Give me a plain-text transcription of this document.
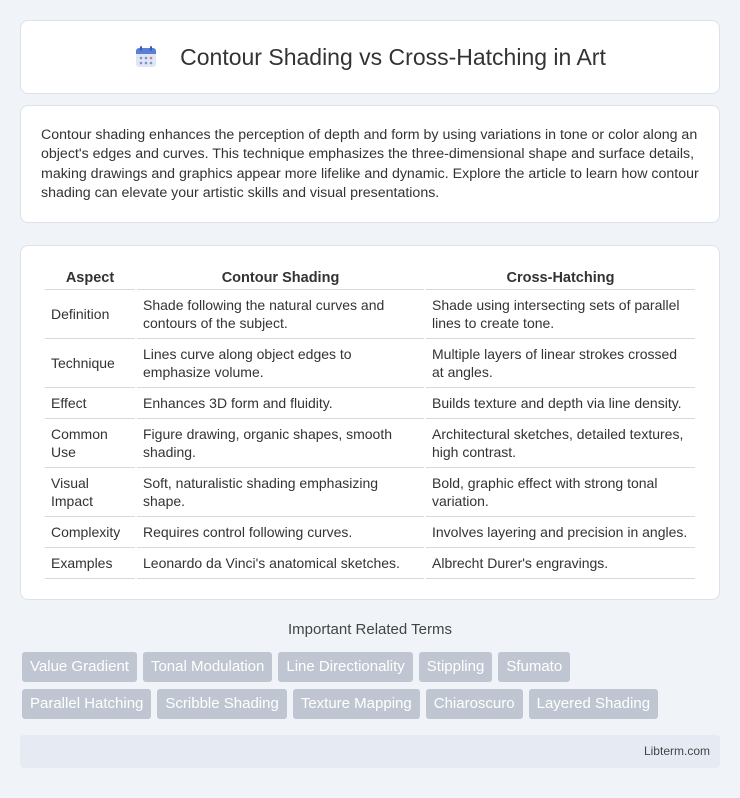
Contour Shading vs Cross-Hatching in Art

Contour shading enhances the perception of depth and form by using variations in tone or color along an object's edges and curves. This technique emphasizes the three-dimensional shape and surface details, making drawings and graphics appear more lifelike and dynamic. Explore the article to learn how contour shading can elevate your artistic skills and visual presentations.

Aspect	Contour Shading	Cross-Hatching
Definition	Shade following the natural curves and contours of the subject.	Shade using intersecting sets of parallel lines to create tone.
Technique	Lines curve along object edges to emphasize volume.	Multiple layers of linear strokes crossed at angles.
Effect	Enhances 3D form and fluidity.	Builds texture and depth via line density.
Common Use	Figure drawing, organic shapes, smooth shading.	Architectural sketches, detailed textures, high contrast.
Visual Impact	Soft, naturalistic shading emphasizing shape.	Bold, graphic effect with strong tonal variation.
Complexity	Requires control following curves.	Involves layering and precision in angles.
Examples	Leonardo da Vinci's anatomical sketches.	Albrecht Durer's engravings.
Important Related Terms
Value Gradient	Tonal Modulation	Line Directionality	Stippling	Sfumato
Parallel Hatching	Scribble Shading	Texture Mapping	Chiaroscuro	Layered Shading
Libterm.com
